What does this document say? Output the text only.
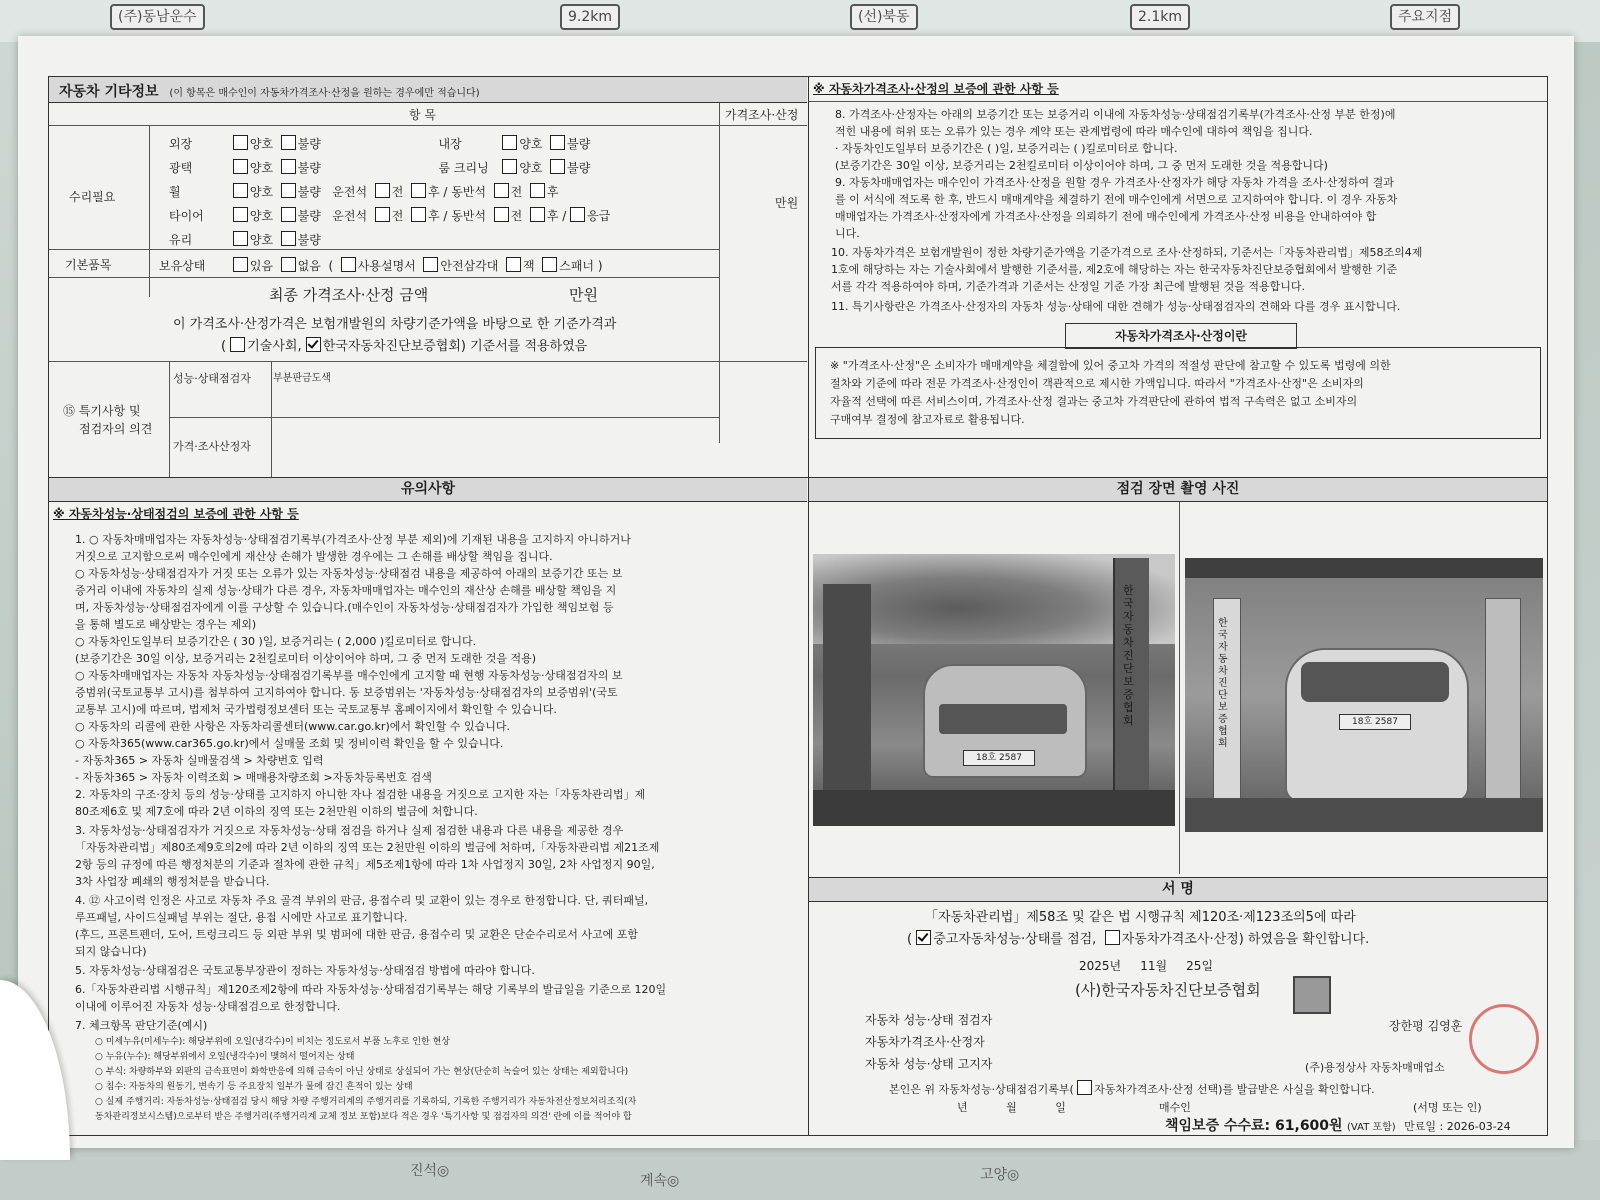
(주)동남운수	9.2km	(선)북동	2.1km	주요지점
진석◎
계속◎	고양◎
자동차 기타정보 (이 항목은 매수인이 자동차가격조사·산정을 원하는 경우에만 적습니다)
항 목	가격조사·산정
수리필요
외장	양호 불량	내장	양호 불량
광택	양호 불량	룸 크리닝	양호 불량
휠	양호 불량 운전석 전 후 / 동반석 전 후
타이어	양호 불량 운전석 전 후 / 동반석 전 후 / 응급
유리	양호 불량
만원
기본품목	보유상태	있음 없음  (  사용설명서 안전삼각대 잭 스패너 )
최종 가격조사·산정 금액	만원
이 가격조사·산정가격은 보험개발원의 차량기준가액을 바탕으로 한 기준가격과
( 기술사회, 한국자동차진단보증협회) 기준서를 적용하였음
⑮ 특기사항 및
점검자의 의견
성능·상태점검자 부분판금도색
가격·조사산정자
※ 자동차가격조사·산정의 보증에 관한 사항 등
8. 가격조사·산정자는 아래의 보증기간 또는 보증거리 이내에 자동차성능·상태점검기록부(가격조사·산정 부분 한정)에
적힌 내용에 허위 또는 오류가 있는 경우 계약 또는 관계법령에 따라 매수인에 대하여 책임을 집니다.
· 자동차인도일부터 보증기간은 ( )일, 보증거리는 ( )킬로미터로 합니다.
(보증기간은 30일 이상, 보증거리는 2천킬로미터 이상이어야 하며, 그 중 먼저 도래한 것을 적용합니다)
9. 자동차매매업자는 매수인이 가격조사·산정을 원할 경우 가격조사·산정자가 해당 자동차 가격을 조사·산정하여 결과
를 이 서식에 적도록 한 후, 반드시 매매계약을 체결하기 전에 매수인에게 서면으로 고지하여야 합니다. 이 경우 자동차
매매업자는 가격조사·산정자에게 가격조사·산정을 의뢰하기 전에 매수인에게 가격조사·산정 비용을 안내하여야 합
니다.
10. 자동차가격은 보험개발원이 정한 차량기준가액을 기준가격으로 조사·산정하되, 기준서는「자동차관리법」제58조의4제
1호에 해당하는 자는 기술사회에서 발행한 기준서를, 제2호에 해당하는 자는 한국자동차진단보증협회에서 발행한 기준
서를 각각 적용하여야 하며, 기준가격과 기준서는 산정일 기준 가장 최근에 발행된 것을 적용합니다.
11. 특기사항란은 가격조사·산정자의 자동차 성능·상태에 대한 견해가 성능·상태점검자의 견해와 다를 경우 표시합니다.
자동차가격조사·산정이란
※ "가격조사·산정"은 소비자가 매매계약을 체결함에 있어 중고차 가격의 적절성 판단에 참고할 수 있도록 법령에 의한
절차와 기준에 따라 전문 가격조사·산정인이 객관적으로 제시한 가액입니다. 따라서 "가격조사·산정"은 소비자의
자율적 선택에 따른 서비스이며, 가격조사·산정 결과는 중고차 가격판단에 관하여 법적 구속력은 없고 소비자의
구매여부 결정에 참고자료로 활용됩니다.
유의사항
※ 자동차성능·상태점검의 보증에 관한 사항 등
1. ○ 자동차매매업자는 자동차성능·상태점검기록부(가격조사·산정 부분 제외)에 기재된 내용을 고지하지 아니하거나
거짓으로 고지함으로써 매수인에게 재산상 손해가 발생한 경우에는 그 손해를 배상할 책임을 집니다.
○ 자동차성능·상태점검자가 거짓 또는 오류가 있는 자동차성능·상태점검 내용을 제공하여 아래의 보증기간 또는 보
증거리 이내에 자동차의 실제 성능·상태가 다른 경우, 자동차매매업자는 매수인의 재산상 손해를 배상할 책임을 지
며, 자동차성능·상태점검자에게 이를 구상할 수 있습니다.(매수인이 자동차성능·상태점검자가 가입한 책임보험 등
을 통해 별도로 배상받는 경우는 제외)
○ 자동차인도일부터 보증기간은 ( 30 )일, 보증거리는 ( 2,000 )킬로미터로 합니다.
(보증기간은 30일 이상, 보증거리는 2천킬로미터 이상이어야 하며, 그 중 먼저 도래한 것을 적용)
○ 자동차매매업자는 자동차 자동차성능·상태점검기록부를 매수인에게 고지할 때 현행 자동차성능·상태점검자의 보
증범위(국토교통부 고시)를 첨부하여 고지하여야 합니다. 동 보증범위는 '자동차성능·상태점검자의 보증범위'(국토
교통부 고시)에 따르며, 법제처 국가법령정보센터 또는 국토교통부 홈페이지에서 확인할 수 있습니다.
○ 자동차의 리콜에 관한 사항은 자동차리콜센터(www.car.go.kr)에서 확인할 수 있습니다.
○ 자동차365(www.car365.go.kr)에서 실매물 조회 및 정비이력 확인을 할 수 있습니다.
- 자동차365 > 자동차 실매물검색 > 차량번호 입력
- 자동차365 > 자동차 이력조회 > 매매용차량조회 >자동차등록번호 검색
2. 자동차의 구조·장치 등의 성능·상태를 고지하지 아니한 자나 점검한 내용을 거짓으로 고지한 자는「자동차관리법」제
80조제6호 및 제7호에 따라 2년 이하의 징역 또는 2천만원 이하의 벌금에 처합니다.
3. 자동차성능·상태점검자가 거짓으로 자동차성능·상태 점검을 하거나 실제 점검한 내용과 다른 내용을 제공한 경우
「자동차관리법」제80조제9호의2에 따라 2년 이하의 징역 또는 2천만원 이하의 벌금에 처하며,「자동차관리법 제21조제
2항 등의 규정에 따른 행정처분의 기준과 절차에 관한 규칙」제5조제1항에 따라 1차 사업정지 30일, 2차 사업정지 90일,
3차 사업장 폐쇄의 행정처분을 받습니다.
4. ⑫ 사고이력 인정은 사고로 자동차 주요 골격 부위의 판금, 용접수리 및 교환이 있는 경우로 한정합니다. 단, 쿼터패널,
루프패널, 사이드실패널 부위는 절단, 용접 시에만 사고로 표기합니다.
(후드, 프론트펜더, 도어, 트렁크리드 등 외판 부위 및 범퍼에 대한 판금, 용접수리 및 교환은 단순수리로서 사고에 포함
되지 않습니다)
5. 자동차성능·상태점검은 국토교통부장관이 정하는 자동차성능·상태점검 방법에 따라야 합니다.
6.「자동차관리법 시행규칙」제120조제2항에 따라 자동차성능·상태점검기록부는 해당 기록부의 발급일을 기준으로 120일
이내에 이루어진 자동차 성능·상태점검으로 한정합니다.
7. 체크항목 판단기준(예시)
○ 미세누유(미세누수): 해당부위에 오일(냉각수)이 비치는 정도로서 부품 노후로 인한 현상
○ 누유(누수): 해당부위에서 오일(냉각수)이 맺혀서 떨어지는 상태
○ 부식: 차량하부와 외판의 금속표면이 화학반응에 의해 금속이 아닌 상태로 상실되어 가는 현상(단순히 녹슬어 있는 상태는 제외합니다)
○ 침수: 자동차의 원동기, 변속기 등 주요장치 일부가 물에 잠긴 흔적이 있는 상태
○ 실제 주행거리: 자동차성능·상태점검 당시 해당 차량 주행거리계의 주행거리를 기록하되, 기록한 주행거리가 자동차전산정보처리조직(자
동차관리정보시스템)으로부터 받은 주행거리(주행거리계 교체 정보 포함)보다 적은 경우 '특기사항 및 점검자의 의견' 란에 이를 적어야 합
점검 장면 촬영 사진
한국자동차진단보증협회
18호 2587
한국자동차진단보증협회
18호 2587
서 명
「자동차관리법」제58조 및 같은 법 시행규칙 제120조·제123조의5에 따라
( 중고자동차성능·상태를 점검, 자동차가격조사·산정) 하였음을 확인합니다.
2025년 11월 25일
(사)한국자동차진단보증협회
자동차 성능·상태 점검자	장한평 김영훈
자동차가격조사·산정자
자동차 성능·상태 고지자	(주)용정상사 자동차매매업소
본인은 위 자동차성능·상태점검기록부( 자동차가격조사·산정 선택)를 발급받은 사실을 확인합니다.
년	월	일	매수인	(서명 또는 인)
책임보증 수수료: 61,600원 (VAT 포함) 만료일 : 2026-03-24
